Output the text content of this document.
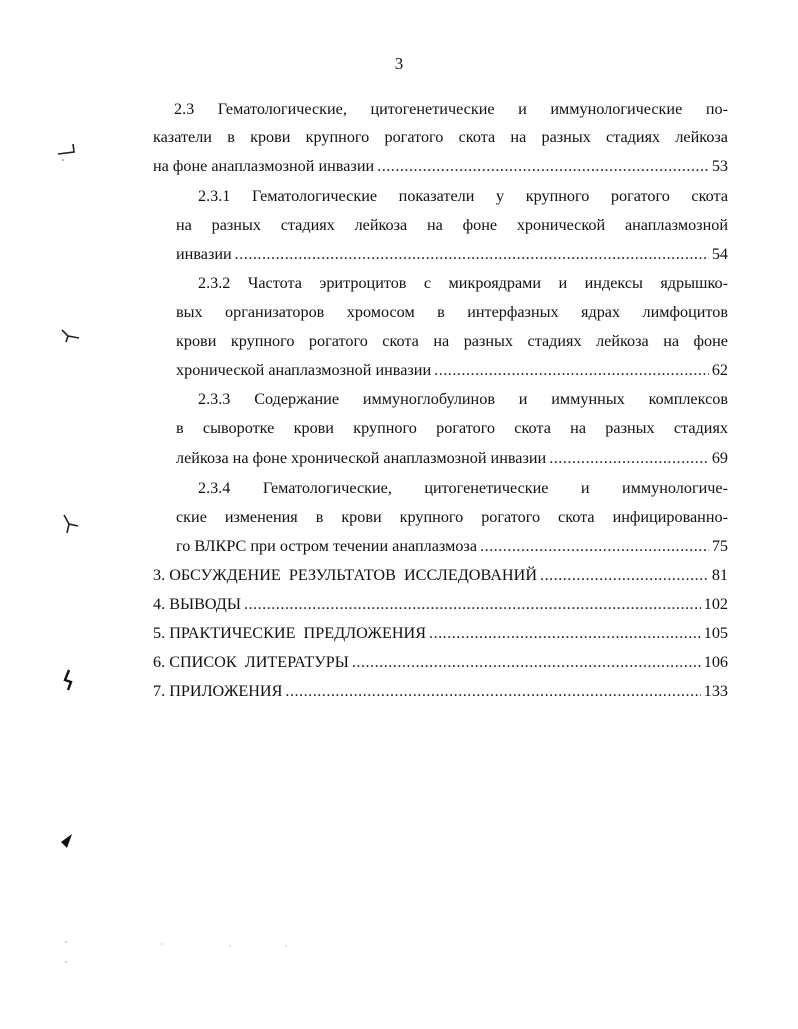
3
2.3 Гематологические, цитогенетические и иммунологические по-
казатели в крови крупного рогатого скота на разных стадиях лейкоза
на фоне анаплазмозной инвазии .....	53
2.3.1 Гематологические показатели у крупного рогатого скота
на разных стадиях лейкоза на фоне хронической анаплазмозной
инвазии .....	54
2.3.2 Частота эритроцитов с микроядрами и индексы ядрышко-
вых организаторов хромосом в интерфазных ядрах лимфоцитов
крови крупного рогатого скота на разных стадиях лейкоза на фоне
хронической анаплазмозной инвазии .....	62
2.3.3 Содержание иммуноглобулинов и иммунных комплексов
в сыворотке крови крупного рогатого скота на разных стадиях
лейкоза на фоне хронической анаплазмозной инвазии .....	69
2.3.4 Гематологические, цитогенетические и иммунологиче-
ские изменения в крови крупного рогатого скота инфицированно-
го ВЛКРС при остром течении анаплазмоза .....	75
3. ОБСУЖДЕНИЕ  РЕЗУЛЬТАТОВ  ИССЛЕДОВАНИЙ .....	81
4. ВЫВОДЫ .....	102
5. ПРАКТИЧЕСКИЕ  ПРЕДЛОЖЕНИЯ .....	105
6. СПИСОК  ЛИТЕРАТУРЫ .....	106
7. ПРИЛОЖЕНИЯ .....	133
